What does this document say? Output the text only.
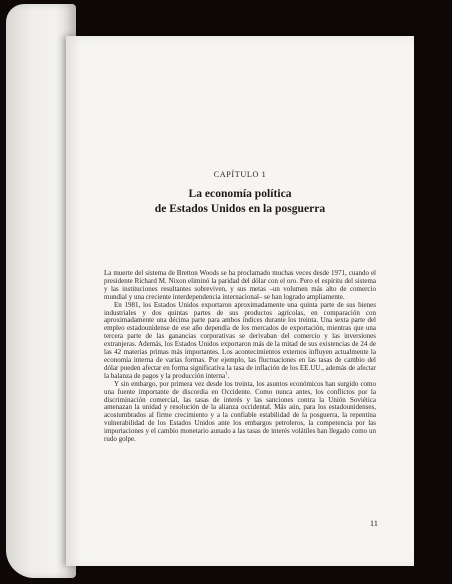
CAPÍTULO 1
La economía política
de Estados Unidos en la posguerra

La muerte del sistema de Bretton Woods se ha proclamado muchas veces desde 1971, cuando el presidente Richard M. Nixon eliminó la paridad del dólar con el oro. Pero el espíritu del sistema y las instituciones resultantes sobreviven, y sus metas –un volumen más alto de comercio mundial y una creciente interdependencia internacional– se han logrado ampliamente.

En 1981, los Estados Unidos exportaron aproximadamente una quinta parte de sus bienes industriales y dos quintas partes de sus productos agrícolas, en comparación con aproximadamente una décima parte para ambos índices durante los treinta. Una sexta parte del empleo estadounidense de ese año dependía de los mercados de exportación, mientras que una tercera parte de las ganancias corporativas se derivaban del comercio y las inversiones extranjeras. Además, los Estados Unidos exportaron más de la mitad de sus existencias de 24 de las 42 materias primas más importantes. Los acontecimientos externos influyen actualmente la economía interna de varias formas. Por ejemplo, las fluctuaciones en las tasas de cambio del dólar pueden afectar en forma significativa la tasa de inflación de los EE.UU., además de afectar la balanza de pagos y la producción interna$^1$.

Y sin embargo, por primera vez desde los treinta, los asuntos económicos han surgido como una fuente importante de discordia en Occidente. Como nunca antes, los conflictos por la discriminación comercial, las tasas de interés y las sanciones contra la Unión Soviética amenazan la unidad y resolución de la alianza occidental. Más aún, para los estadounidenses, acostumbrados al firme crecimiento y a la confiable estabilidad de la posguerra, la repentina vulnerabilidad de los Estados Unidos ante los embargos petroleros, la competencia por las importaciones y el cambio monetario aunado a las tasas de interés volátiles han llegado como un rudo golpe.

11
